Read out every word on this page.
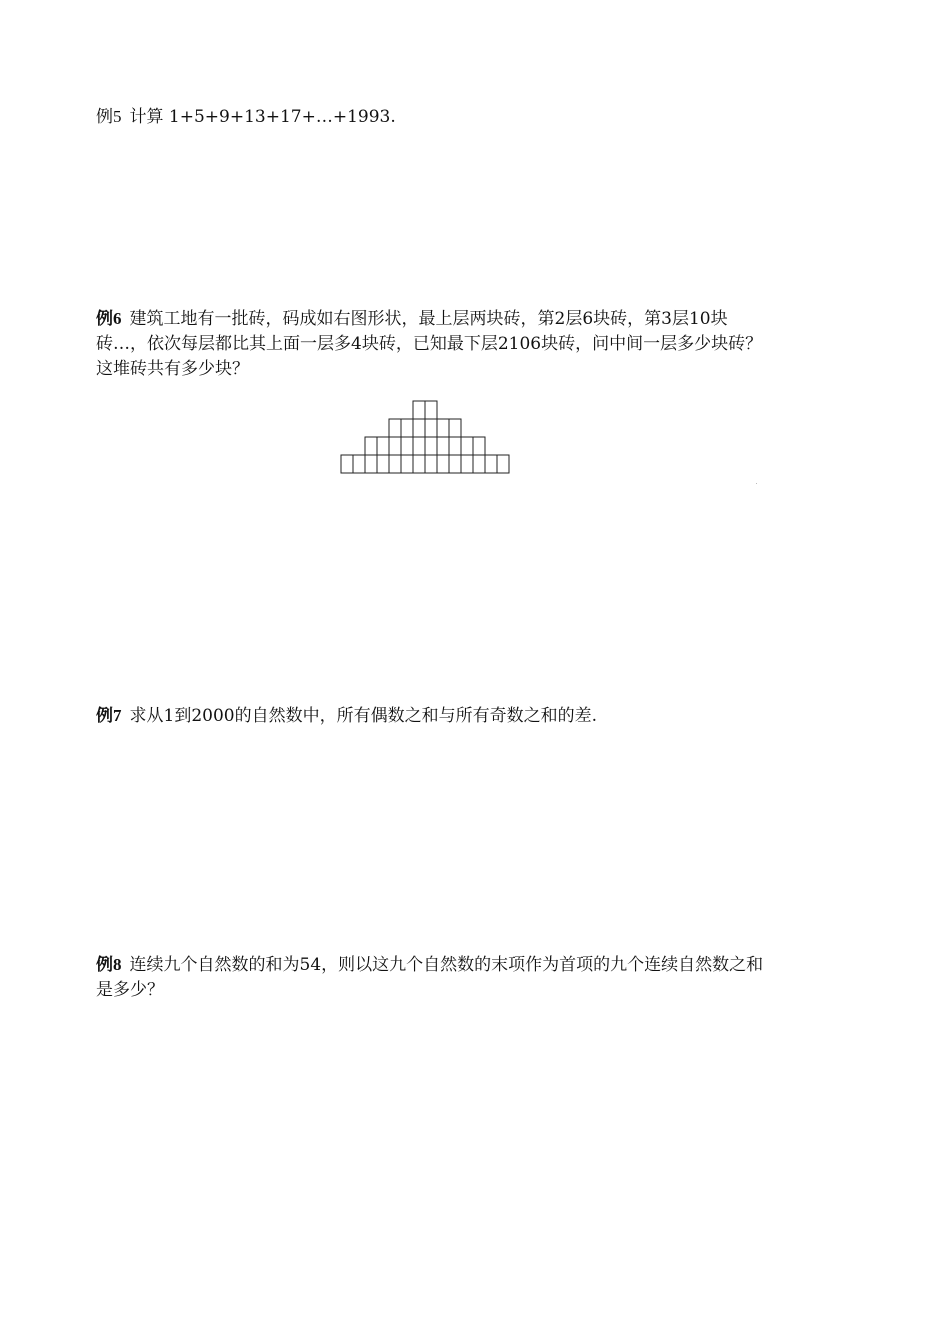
例5 计算 1+5+9+13+17+…+1993.
例6 建筑工地有一批砖，码成如右图形状，最上层两块砖，第2层6块砖，第3层10块砖…，依次每层都比其上面一层多4块砖，已知最下层2106块砖，问中间一层多少块砖？这堆砖共有多少块？
例7 求从1到2000的自然数中，所有偶数之和与所有奇数之和的差.
例8 连续九个自然数的和为54，则以这九个自然数的末项作为首项的九个连续自然数之和是多少？
